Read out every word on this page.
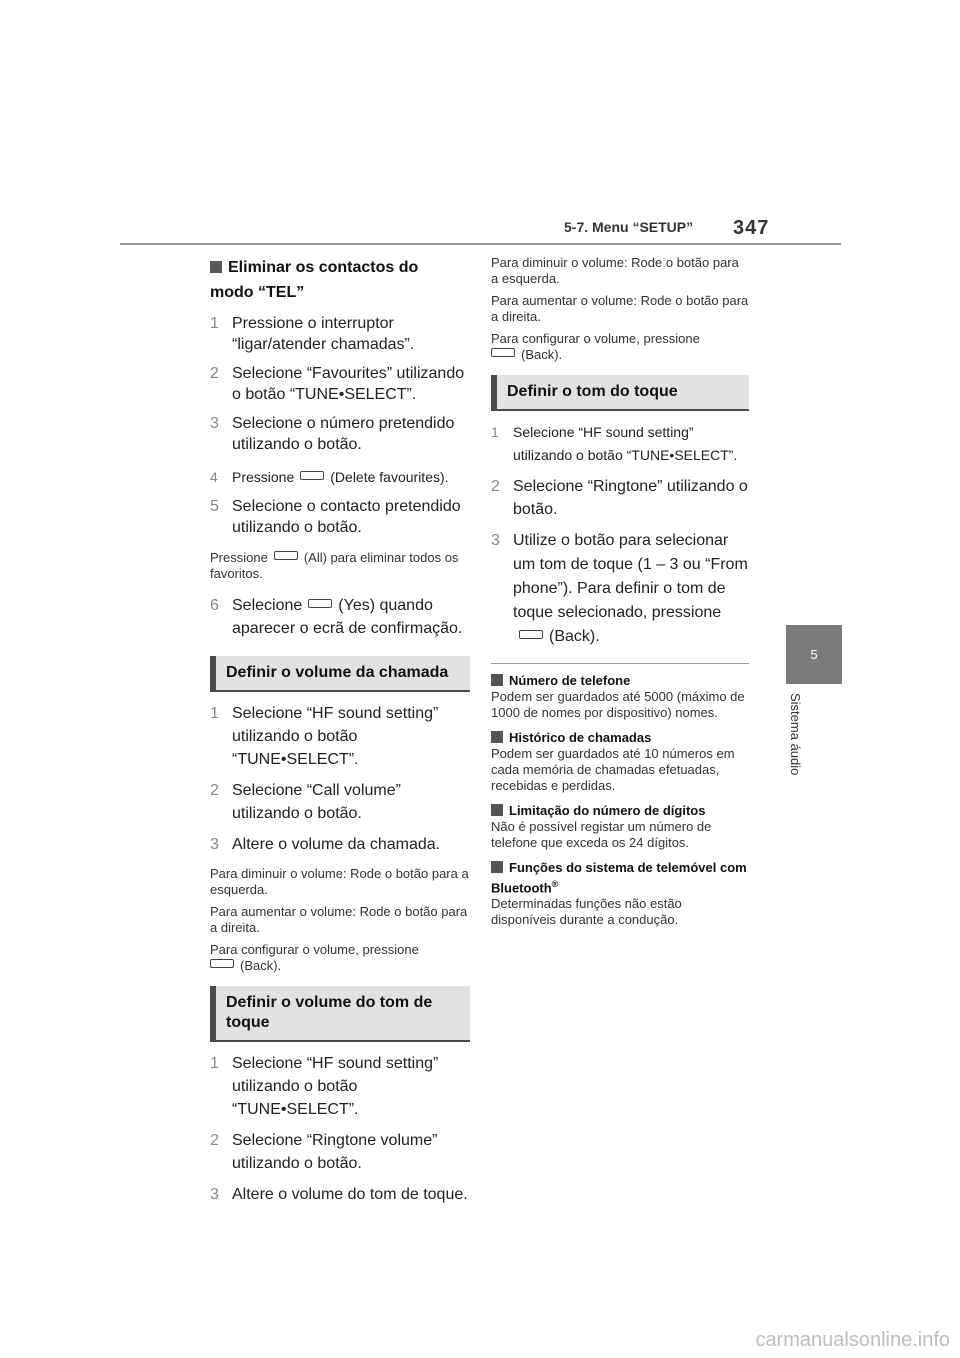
5-7. Menu “SETUP” 347
5
Sistema áudio
Eliminar os contactos do
modo “TEL”
1 Pressione o interruptor “ligar/atender chamadas”.
2 Selecione “Favourites” utilizando o botão “TUNE•SELECT”.
3 Selecione o número pretendido utilizando o botão.
4 Pressione	(Delete favourites).
5 Selecione o contacto pretendido utilizando o botão.
Pressione	(All) para eliminar todos os favoritos.
6 Selecione (Yes) quando aparecer o ecrã de confirmação.
Definir o volume da chamada
1 Selecione “HF sound setting” utilizando o botão “TUNE•SELECT”.
2 Selecione “Call volume” utilizando o botão.
3 Altere o volume da chamada.
Para diminuir o volume: Rode o botão para a esquerda.
Para aumentar o volume: Rode o botão para a direita.
Para configurar o volume, pressione
(Back).
Definir o volume do tom de toque
1 Selecione “HF sound setting” utilizando o botão “TUNE•SELECT”.
2 Selecione “Ringtone volume” utilizando o botão.
3 Altere o volume do tom de toque.
Para diminuir o volume: Rode o botão para a esquerda.
Para aumentar o volume: Rode o botão para a direita.
Para configurar o volume, pressione
(Back).
Definir o tom do toque
1 Selecione “HF sound setting” utilizando o botão “TUNE•SELECT”.
2 Selecione “Ringtone” utilizando o botão.
3 Utilize o botão para selecionar um tom de toque (1 – 3 ou “From phone”). Para definir o tom de toque selecionado, pressione(Back).
Número de telefone
Podem ser guardados até 5000 (máximo de 1000 de nomes por dispositivo) nomes.
Histórico de chamadas
Podem ser guardados até 10 números em cada memória de chamadas efetuadas, recebidas e perdidas.
Limitação do número de dígitos
Não é possível registar um número de telefone que exceda os 24 dígitos.
Funções do sistema de telemóvel com Bluetooth®
Determinadas funções não estão disponíveis durante a condução.
carmanualsonline.info
